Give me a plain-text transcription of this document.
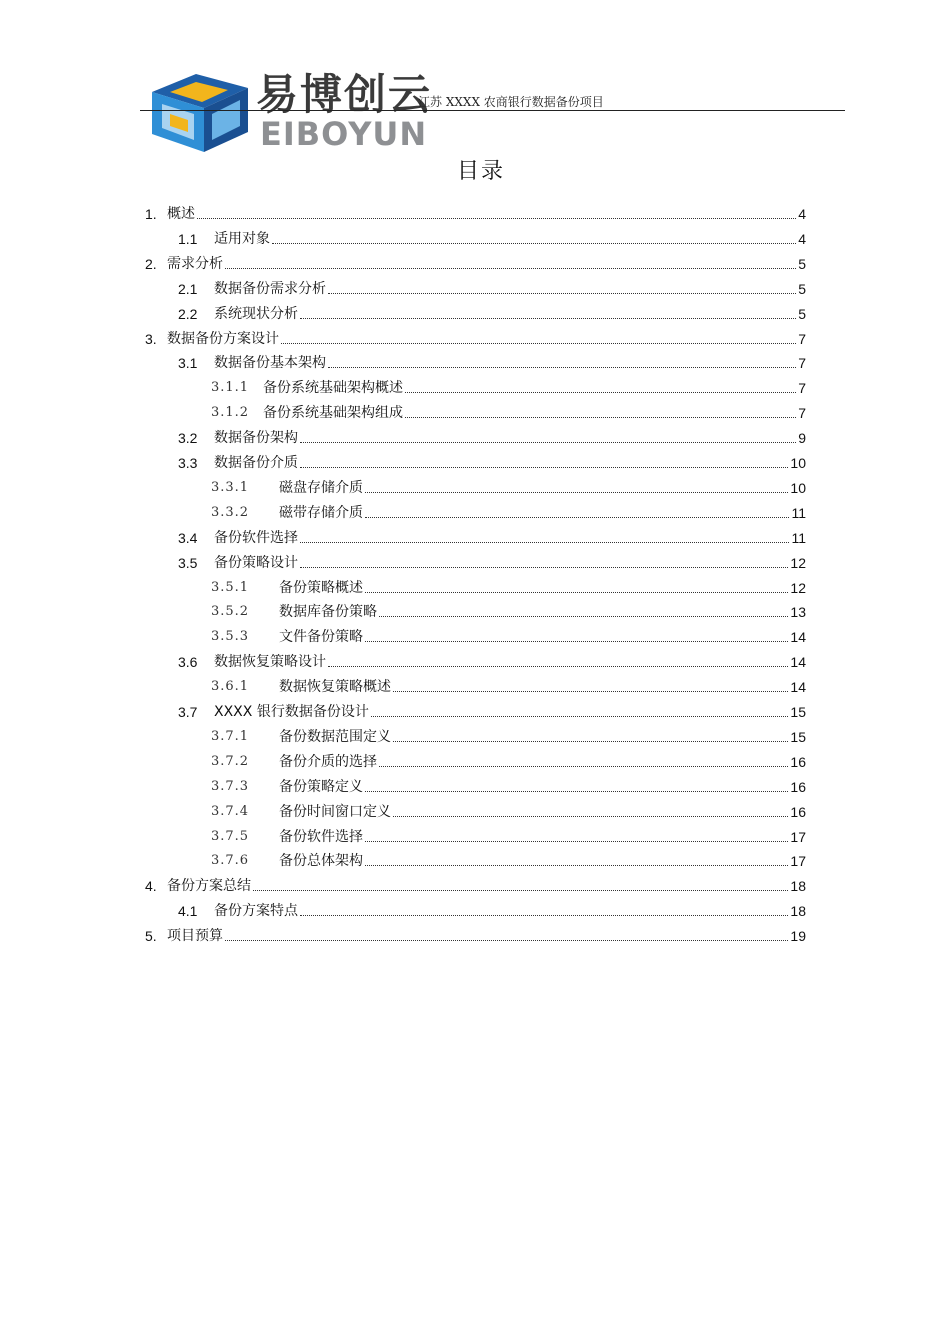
易博创云
EIBOYUN
江苏 XXXX 农商银行数据备份项目
目录
1. 概述	4
1.1	适用对象	4
2. 需求分析	5
2.1	数据备份需求分析	5
2.2	系统现状分析	5
3. 数据备份方案设计	7
3.1	数据备份基本架构	7
3.1.1 备份系统基础架构概述	7
3.1.2 备份系统基础架构组成	7
3.2	数据备份架构	9
3.3	数据备份介质	10
3.3.1	磁盘存储介质	10
3.3.2	磁带存储介质	11
3.4	备份软件选择	11
3.5	备份策略设计	12
3.5.1	备份策略概述	12
3.5.2	数据库备份策略	13
3.5.3	文件备份策略	14
3.6	数据恢复策略设计	14
3.6.1	数据恢复策略概述	14
3.7	XXXX 银行数据备份设计	15
3.7.1	备份数据范围定义	15
3.7.2	备份介质的选择	16
3.7.3	备份策略定义	16
3.7.4	备份时间窗口定义	16
3.7.5	备份软件选择	17
3.7.6	备份总体架构	17
4. 备份方案总结	18
4.1	备份方案特点	18
5. 项目预算	19
